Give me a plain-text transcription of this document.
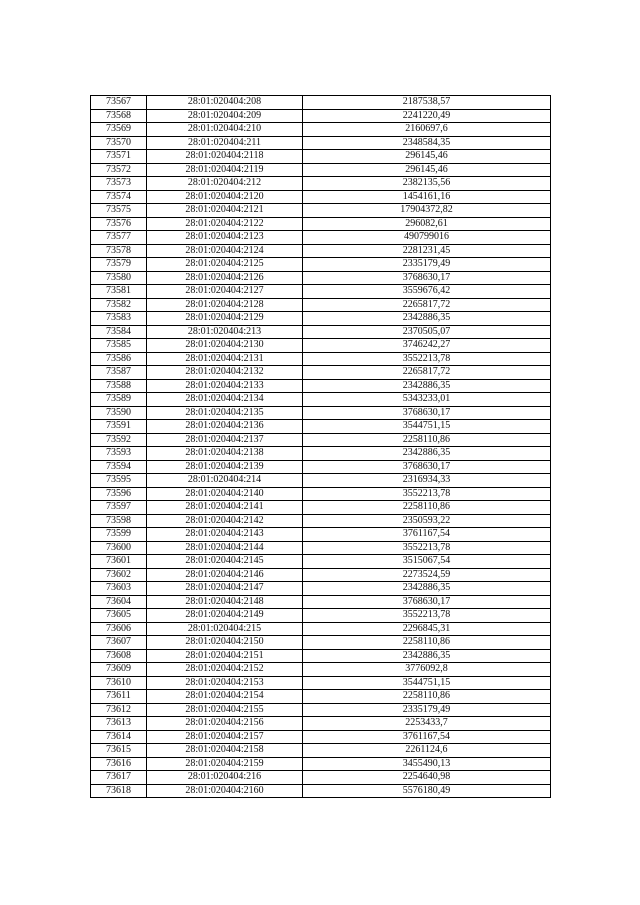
73567	28:01:020404:208	2187538,57
73568	28:01:020404:209	2241220,49
73569	28:01:020404:210	2160697,6
73570	28:01:020404:211	2348584,35
73571	28:01:020404:2118	296145,46
73572	28:01:020404:2119	296145,46
73573	28:01:020404:212	2382135,56
73574	28:01:020404:2120	1454161,16
73575	28:01:020404:2121	17904372,82
73576	28:01:020404:2122	296082,61
73577	28:01:020404:2123	490799016
73578	28:01:020404:2124	2281231,45
73579	28:01:020404:2125	2335179,49
73580	28:01:020404:2126	3768630,17
73581	28:01:020404:2127	3559676,42
73582	28:01:020404:2128	2265817,72
73583	28:01:020404:2129	2342886,35
73584	28:01:020404:213	2370505,07
73585	28:01:020404:2130	3746242,27
73586	28:01:020404:2131	3552213,78
73587	28:01:020404:2132	2265817,72
73588	28:01:020404:2133	2342886,35
73589	28:01:020404:2134	5343233,01
73590	28:01:020404:2135	3768630,17
73591	28:01:020404:2136	3544751,15
73592	28:01:020404:2137	2258110,86
73593	28:01:020404:2138	2342886,35
73594	28:01:020404:2139	3768630,17
73595	28:01:020404:214	2316934,33
73596	28:01:020404:2140	3552213,78
73597	28:01:020404:2141	2258110,86
73598	28:01:020404:2142	2350593,22
73599	28:01:020404:2143	3761167,54
73600	28:01:020404:2144	3552213,78
73601	28:01:020404:2145	3515067,54
73602	28:01:020404:2146	2273524,59
73603	28:01:020404:2147	2342886,35
73604	28:01:020404:2148	3768630,17
73605	28:01:020404:2149	3552213,78
73606	28:01:020404:215	2296845,31
73607	28:01:020404:2150	2258110,86
73608	28:01:020404:2151	2342886,35
73609	28:01:020404:2152	3776092,8
73610	28:01:020404:2153	3544751,15
73611	28:01:020404:2154	2258110,86
73612	28:01:020404:2155	2335179,49
73613	28:01:020404:2156	2253433,7
73614	28:01:020404:2157	3761167,54
73615	28:01:020404:2158	2261124,6
73616	28:01:020404:2159	3455490,13
73617	28:01:020404:216	2254640,98
73618	28:01:020404:2160	5576180,49
